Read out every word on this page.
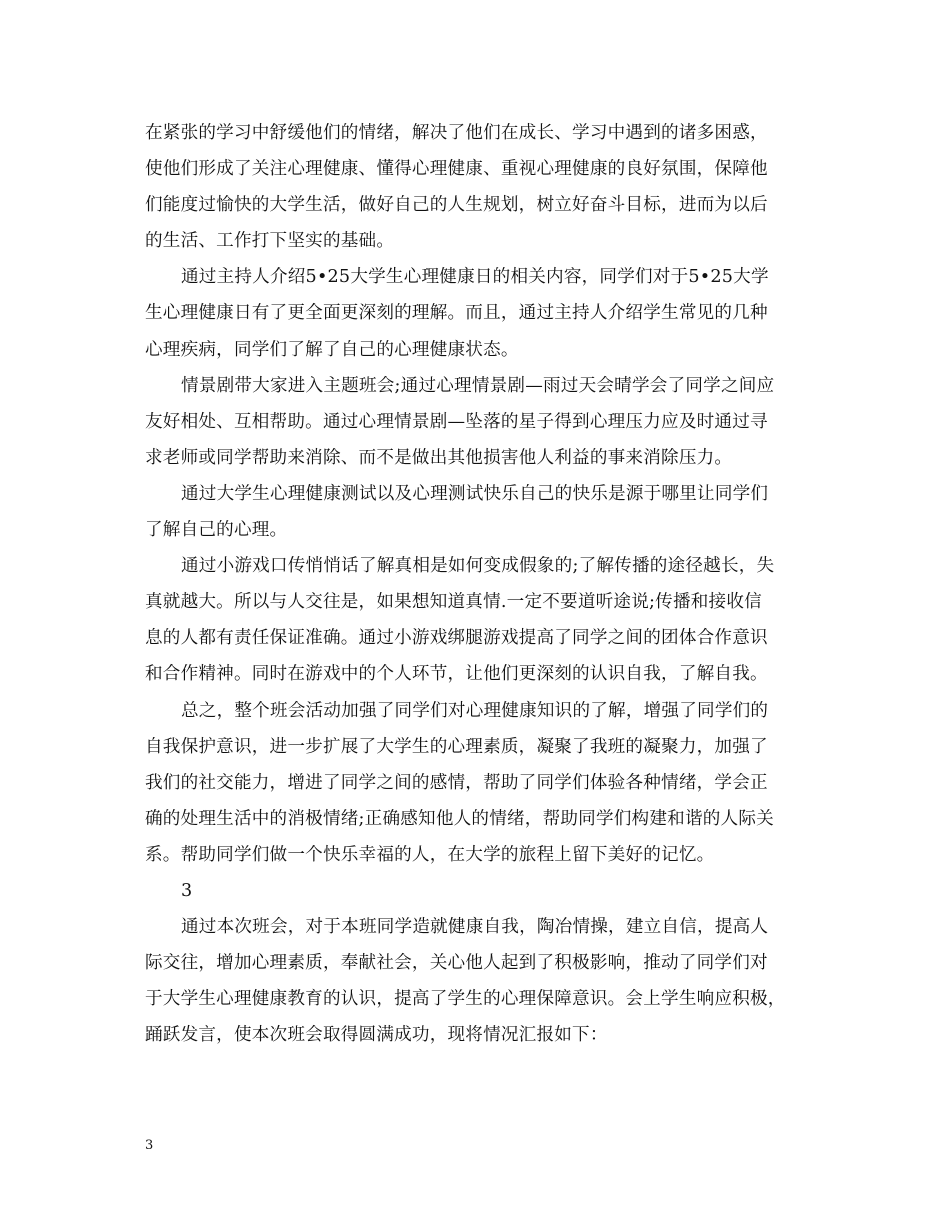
在紧张的学习中舒缓他们的情绪，解决了他们在成长、学习中遇到的诸多困惑，
使他们形成了关注心理健康、懂得心理健康、重视心理健康的良好氛围，保障他
们能度过愉快的大学生活，做好自己的人生规划，树立好奋斗目标，进而为以后
的生活、工作打下坚实的基础。
通过主持人介绍5•25大学生心理健康日的相关内容，同学们对于5•25大学
生心理健康日有了更全面更深刻的理解。而且，通过主持人介绍学生常见的几种
心理疾病，同学们了解了自己的心理健康状态。
情景剧带大家进入主题班会;通过心理情景剧—雨过天会晴学会了同学之间应
友好相处、互相帮助。通过心理情景剧—坠落的星子得到心理压力应及时通过寻
求老师或同学帮助来消除、而不是做出其他损害他人利益的事来消除压力。
通过大学生心理健康测试以及心理测试快乐自己的快乐是源于哪里让同学们
了解自己的心理。
通过小游戏口传悄悄话了解真相是如何变成假象的;了解传播的途径越长，失
真就越大。所以与人交往是，如果想知道真情.一定不要道听途说;传播和接收信
息的人都有责任保证准确。通过小游戏绑腿游戏提高了同学之间的团体合作意识
和合作精神。同时在游戏中的个人环节，让他们更深刻的认识自我，了解自我。
总之，整个班会活动加强了同学们对心理健康知识的了解，增强了同学们的
自我保护意识，进一步扩展了大学生的心理素质，凝聚了我班的凝聚力，加强了
我们的社交能力，增进了同学之间的感情，帮助了同学们体验各种情绪，学会正
确的处理生活中的消极情绪;正确感知他人的情绪，帮助同学们构建和谐的人际关
系。帮助同学们做一个快乐幸福的人，在大学的旅程上留下美好的记忆。
3
通过本次班会，对于本班同学造就健康自我，陶冶情操，建立自信，提高人
际交往，增加心理素质，奉献社会，关心他人起到了积极影响，推动了同学们对
于大学生心理健康教育的认识，提高了学生的心理保障意识。会上学生响应积极，
踊跃发言，使本次班会取得圆满成功，现将情况汇报如下：
3
